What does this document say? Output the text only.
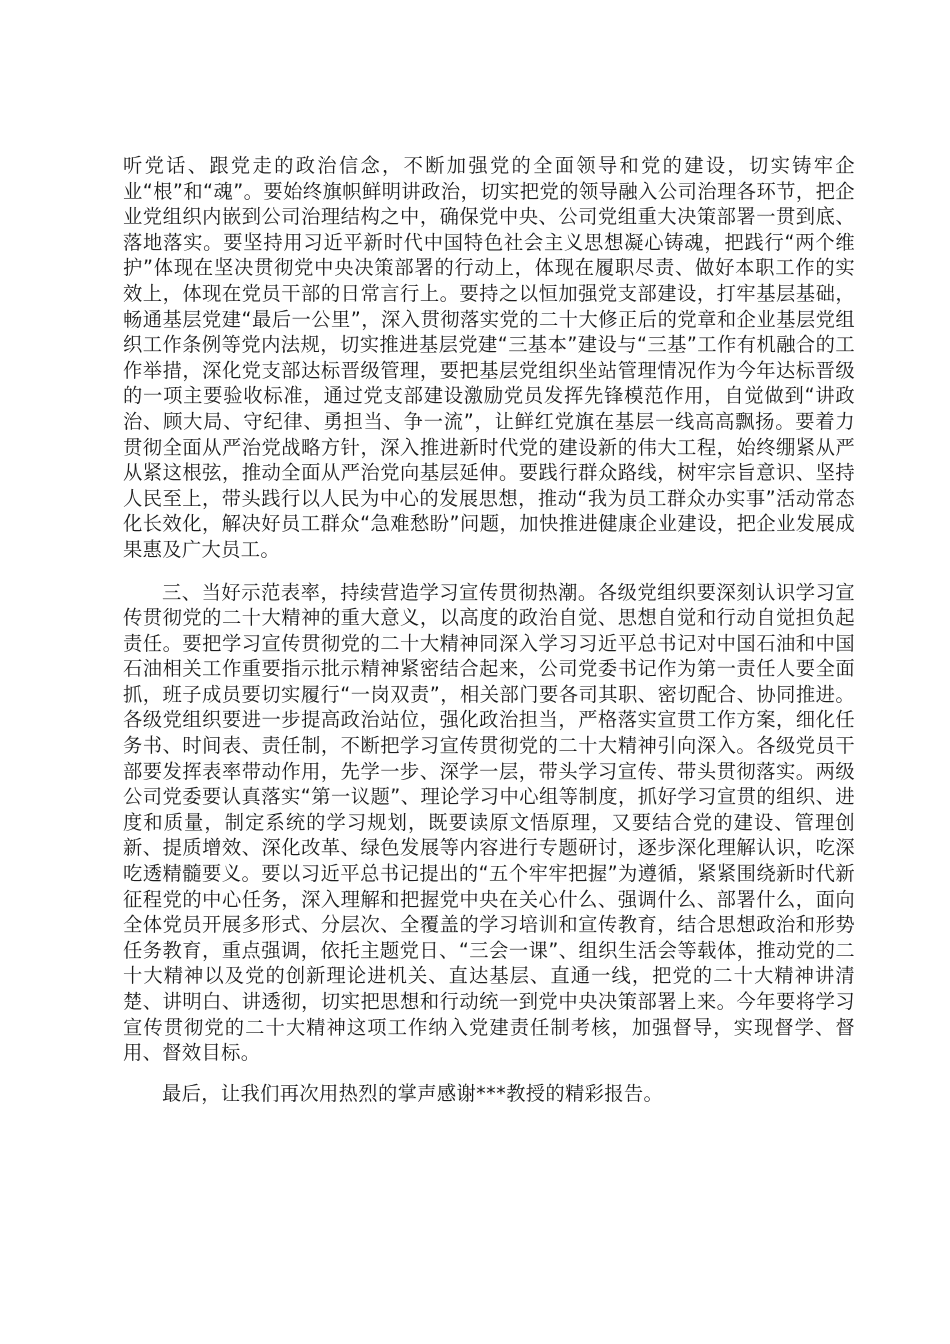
听党话、跟党走的政治信念，不断加强党的全面领导和党的建设，切实铸牢企业“根”和“魂”。要始终旗帜鲜明讲政治，切实把党的领导融入公司治理各环节，把企业党组织内嵌到公司治理结构之中，确保党中央、公司党组重大决策部署一贯到底、落地落实。要坚持用习近平新时代中国特色社会主义思想凝心铸魂，把践行“两个维护”体现在坚决贯彻党中央决策部署的行动上，体现在履职尽责、做好本职工作的实效上，体现在党员干部的日常言行上。要持之以恒加强党支部建设，打牢基层基础，畅通基层党建“最后一公里”，深入贯彻落实党的二十大修正后的党章和企业基层党组织工作条例等党内法规，切实推进基层党建“三基本”建设与“三基”工作有机融合的工作举措，深化党支部达标晋级管理，要把基层党组织坐站管理情况作为今年达标晋级的一项主要验收标准，通过党支部建设激励党员发挥先锋模范作用，自觉做到“讲政治、顾大局、守纪律、勇担当、争一流”，让鲜红党旗在基层一线高高飘扬。要着力贯彻全面从严治党战略方针，深入推进新时代党的建设新的伟大工程，始终绷紧从严从紧这根弦，推动全面从严治党向基层延伸。要践行群众路线，树牢宗旨意识、坚持人民至上，带头践行以人民为中心的发展思想，推动“我为员工群众办实事”活动常态化长效化，解决好员工群众“急难愁盼”问题，加快推进健康企业建设，把企业发展成果惠及广大员工。

三、当好示范表率，持续营造学习宣传贯彻热潮。各级党组织要深刻认识学习宣传贯彻党的二十大精神的重大意义，以高度的政治自觉、思想自觉和行动自觉担负起责任。要把学习宣传贯彻党的二十大精神同深入学习习近平总书记对中国石油和中国石油相关工作重要指示批示精神紧密结合起来，公司党委书记作为第一责任人要全面抓，班子成员要切实履行“一岗双责”，相关部门要各司其职、密切配合、协同推进。各级党组织要进一步提高政治站位，强化政治担当，严格落实宣贯工作方案，细化任务书、时间表、责任制，不断把学习宣传贯彻党的二十大精神引向深入。各级党员干部要发挥表率带动作用，先学一步、深学一层，带头学习宣传、带头贯彻落实。两级公司党委要认真落实“第一议题”、理论学习中心组等制度，抓好学习宣贯的组织、进度和质量，制定系统的学习规划，既要读原文悟原理，又要结合党的建设、管理创新、提质增效、深化改革、绿色发展等内容进行专题研讨，逐步深化理解认识，吃深吃透精髓要义。要以习近平总书记提出的“五个牢牢把握”为遵循，紧紧围绕新时代新征程党的中心任务，深入理解和把握党中央在关心什么、强调什么、部署什么，面向全体党员开展多形式、分层次、全覆盖的学习培训和宣传教育，结合思想政治和形势任务教育，重点强调，依托主题党日、“三会一课”、组织生活会等载体，推动党的二十大精神以及党的创新理论进机关、直达基层、直通一线，把党的二十大精神讲清楚、讲明白、讲透彻，切实把思想和行动统一到党中央决策部署上来。今年要将学习宣传贯彻党的二十大精神这项工作纳入党建责任制考核，加强督导，实现督学、督用、督效目标。

最后，让我们再次用热烈的掌声感谢***教授的精彩报告。
